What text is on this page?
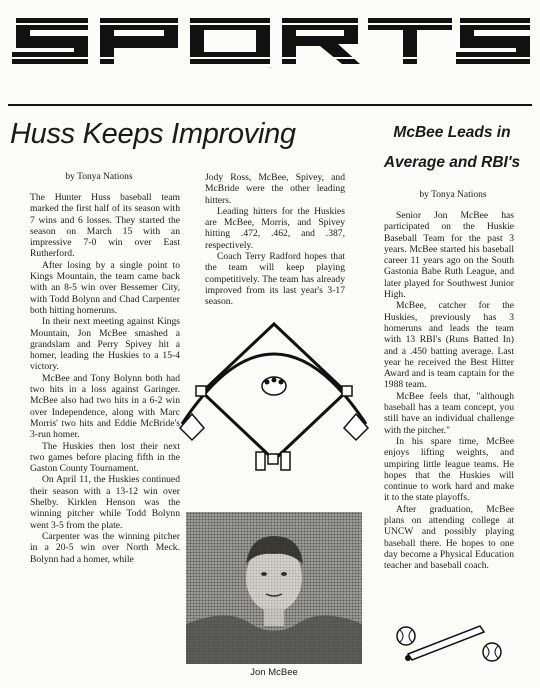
SPORTS
Huss Keeps Improving
by Tonya Nations

The Hunter Huss baseball team marked the first half of its season with 7 wins and 6 losses. They started the season on March 15 with an impressive 7-0 win over East Rutherford.

After losing by a single point to Kings Mountain, the team came back with an 8-5 win over Bessemer City, with Todd Bolynn and Chad Carpenter both hitting homeruns.

In their next meeting against Kings Mountain, Jon McBee smashed a grandslam and Perry Spivey hit a homer, leading the Huskies to a 15-4 victory.

McBee and Tony Bolynn both had two hits in a loss against Garinger. McBee also had two hits in a 6-2 win over Independence, along with Marc Morris' two hits and Eddie McBride's 3-run homer.

The Huskies then lost their next two games before placing fifth in the Gaston County Tournament.

On April 11, the Huskies continued their season with a 13-12 win over Shelby. Kirklen Henson was the winning pitcher while Todd Bolynn went 3-5 from the plate.

Carpenter was the winning pitcher in a 20-5 win over North Meck. Bolynn had a homer, while

Jody Ross, McBee, Spivey, and McBride were the other leading hitters.

Leading hitters for the Huskies are McBee, Morris, and Spivey hitting .472, .462, and .387, respectively.

Coach Terry Radford hopes that the team will keep playing competitively. The team has already improved from its last year's 3-17 season.

Jon McBee
McBee Leads in
Average and RBI's
by Tonya Nations

Senior Jon McBee has participated on the Huskie Baseball Team for the past 3 years. McBee started his baseball career 11 years ago on the South Gastonia Babe Ruth League, and later played for Southwest Junior High.

McBee, catcher for the Huskies, previously has 3 homeruns and leads the team with 13 RBI's (Runs Batted In) and a .450 batting average. Last year he received the Best Hitter Award and is team captain for the 1988 team.

McBee feels that, "although baseball has a team concept, you still have an individual challenge with the pitcher."

In his spare time, McBee enjoys lifting weights, and umpiring little league teams. He hopes that the Huskies will continue to work hard and make it to the state playoffs.

After graduation, McBee plans on attending college at UNCW and possibly playing baseball there. He hopes to one day become a Physical Education teacher and baseball coach.
